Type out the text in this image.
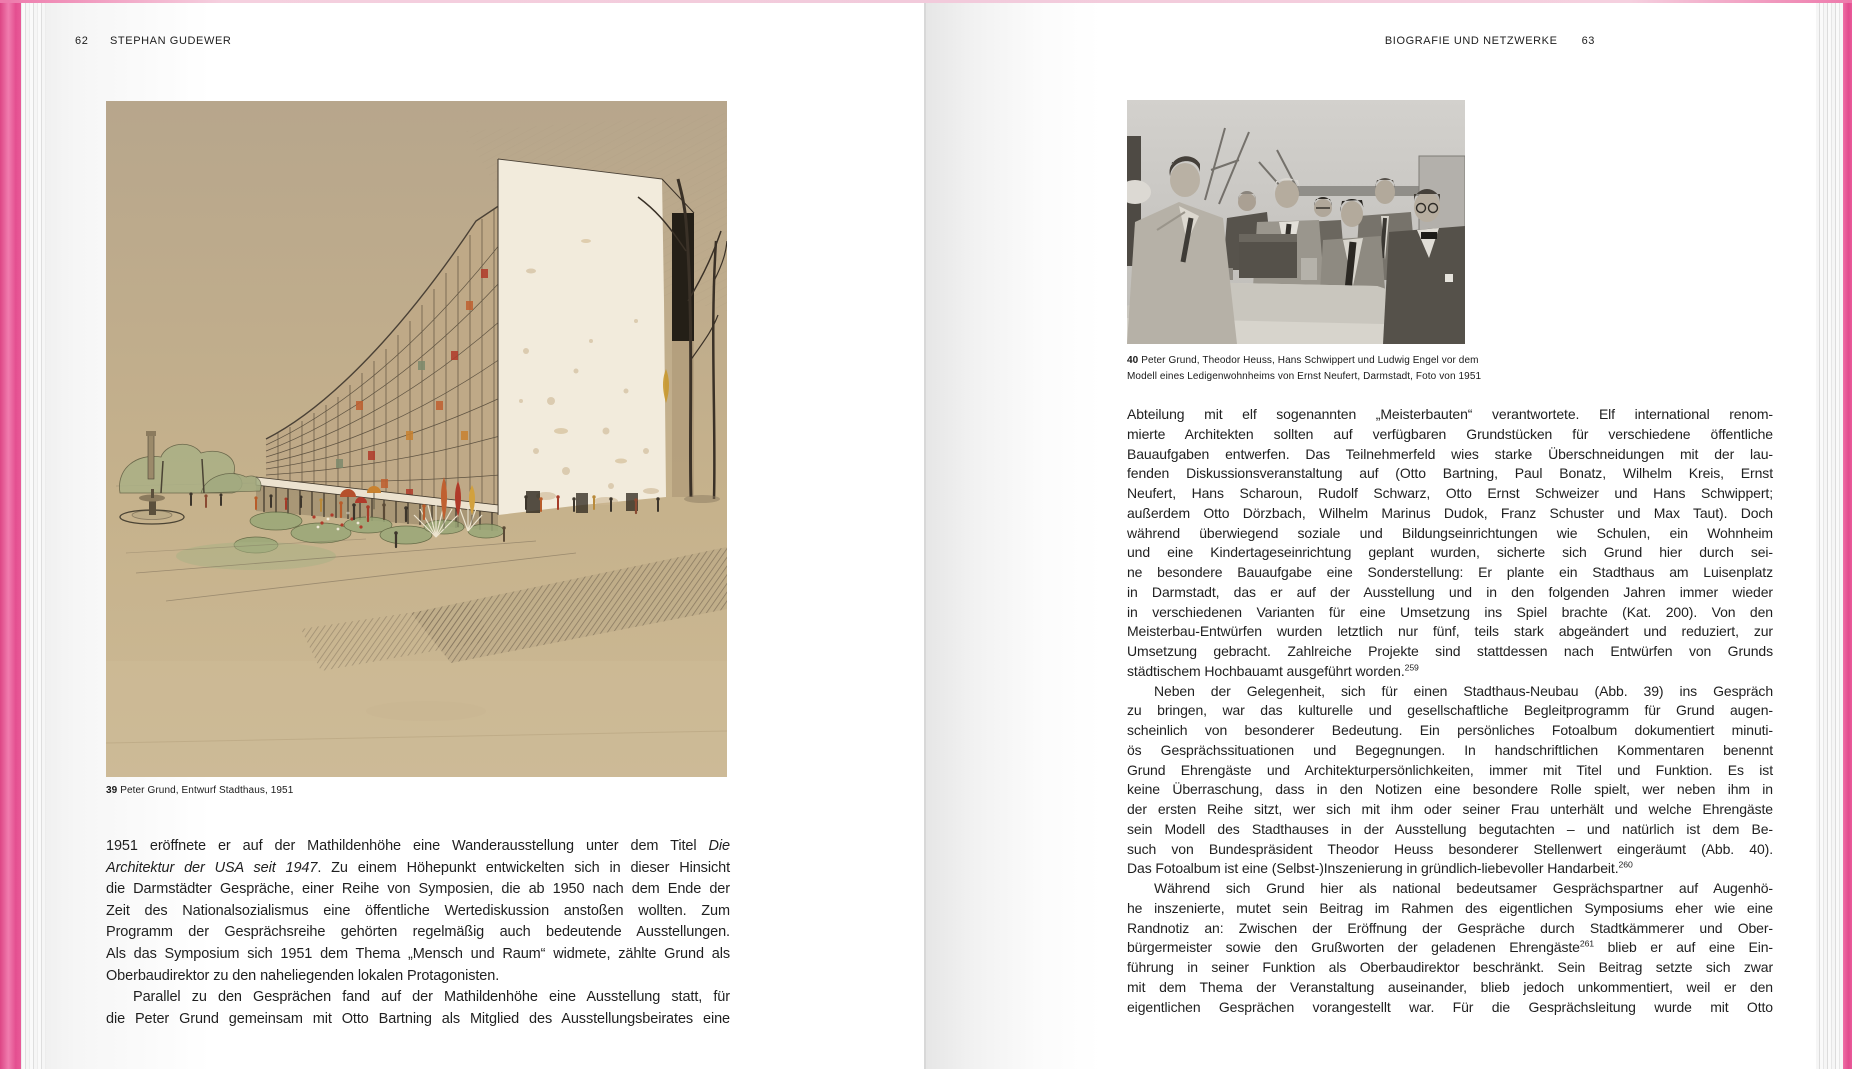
62 STEPHAN GUDEWER	BIOGRAFIE UND NETZWERKE 63
39 Peter Grund, Entwurf Stadthaus, 1951
40 Peter Grund, Theodor Heuss, Hans Schwippert und Ludwig Engel vor dem
Modell eines Ledigenwohnheims von Ernst Neufert, Darmstadt, Foto von 1951
1951 eröffnete er auf der Mathildenhöhe eine Wanderausstellung unter dem Titel Die
Architektur der USA seit 1947. Zu einem Höhepunkt entwickelten sich in dieser Hinsicht
die Darmstädter Gespräche, einer Reihe von Symposien, die ab 1950 nach dem Ende der
Zeit des Nationalsozialismus eine öffentliche Wertediskussion anstoßen wollten. Zum
Programm der Gesprächsreihe gehörten regelmäßig auch bedeutende Ausstellungen.
Als das Symposium sich 1951 dem Thema „Mensch und Raum“ widmete, zählte Grund als
Oberbaudirektor zu den naheliegenden lokalen Protagonisten.
Parallel zu den Gesprächen fand auf der Mathildenhöhe eine Ausstellung statt, für
die Peter Grund gemeinsam mit Otto Bartning als Mitglied des Ausstellungsbeirates eine
Abteilung mit elf sogenannten „Meisterbauten“ verantwortete. Elf international renom-
mierte Architekten sollten auf verfügbaren Grundstücken für verschiedene öffentliche
Bauaufgaben entwerfen. Das Teilnehmerfeld wies starke Überschneidungen mit der lau-
fenden Diskussionsveranstaltung auf (Otto Bartning, Paul Bonatz, Wilhelm Kreis, Ernst
Neufert, Hans Scharoun, Rudolf Schwarz, Otto Ernst Schweizer und Hans Schwippert;
außerdem Otto Dörzbach, Wilhelm Marinus Dudok, Franz Schuster und Max Taut). Doch
während überwiegend soziale und Bildungseinrichtungen wie Schulen, ein Wohnheim
und eine Kindertageseinrichtung geplant wurden, sicherte sich Grund hier durch sei-
ne besondere Bauaufgabe eine Sonderstellung: Er plante ein Stadthaus am Luisenplatz
in Darmstadt, das er auf der Ausstellung und in den folgenden Jahren immer wieder
in verschiedenen Varianten für eine Umsetzung ins Spiel brachte (Kat. 200). Von den
Meisterbau-Entwürfen wurden letztlich nur fünf, teils stark abgeändert und reduziert, zur
Umsetzung gebracht. Zahlreiche Projekte sind stattdessen nach Entwürfen von Grunds
städtischem Hochbauamt ausgeführt worden.$^{259}$
Neben der Gelegenheit, sich für einen Stadthaus-Neubau (Abb. 39) ins Gespräch
zu bringen, war das kulturelle und gesellschaftliche Begleitprogramm für Grund augen-
scheinlich von besonderer Bedeutung. Ein persönliches Fotoalbum dokumentiert minuti-
ös Gesprächssituationen und Begegnungen. In handschriftlichen Kommentaren benennt
Grund Ehrengäste und Architekturpersönlichkeiten, immer mit Titel und Funktion. Es ist
keine Überraschung, dass in den Notizen eine besondere Rolle spielt, wer neben ihm in
der ersten Reihe sitzt, wer sich mit ihm oder seiner Frau unterhält und welche Ehrengäste
sein Modell des Stadthauses in der Ausstellung begutachten – und natürlich ist dem Be-
such von Bundespräsident Theodor Heuss besonderer Stellenwert eingeräumt (Abb. 40).
Das Fotoalbum ist eine (Selbst-)Inszenierung in gründlich-liebevoller Handarbeit.$^{260}$
Während sich Grund hier als national bedeutsamer Gesprächspartner auf Augenhö-
he inszenierte, mutet sein Beitrag im Rahmen des eigentlichen Symposiums eher wie eine
Randnotiz an: Zwischen der Eröffnung der Gespräche durch Stadtkämmerer und Ober-
bürgermeister sowie den Grußworten der geladenen Ehrengäste$^{261}$ blieb er auf eine Ein-
führung in seiner Funktion als Oberbaudirektor beschränkt. Sein Beitrag setzte sich zwar
mit dem Thema der Veranstaltung auseinander, blieb jedoch unkommentiert, weil er den
eigentlichen Gesprächen vorangestellt war. Für die Gesprächsleitung wurde mit Otto
